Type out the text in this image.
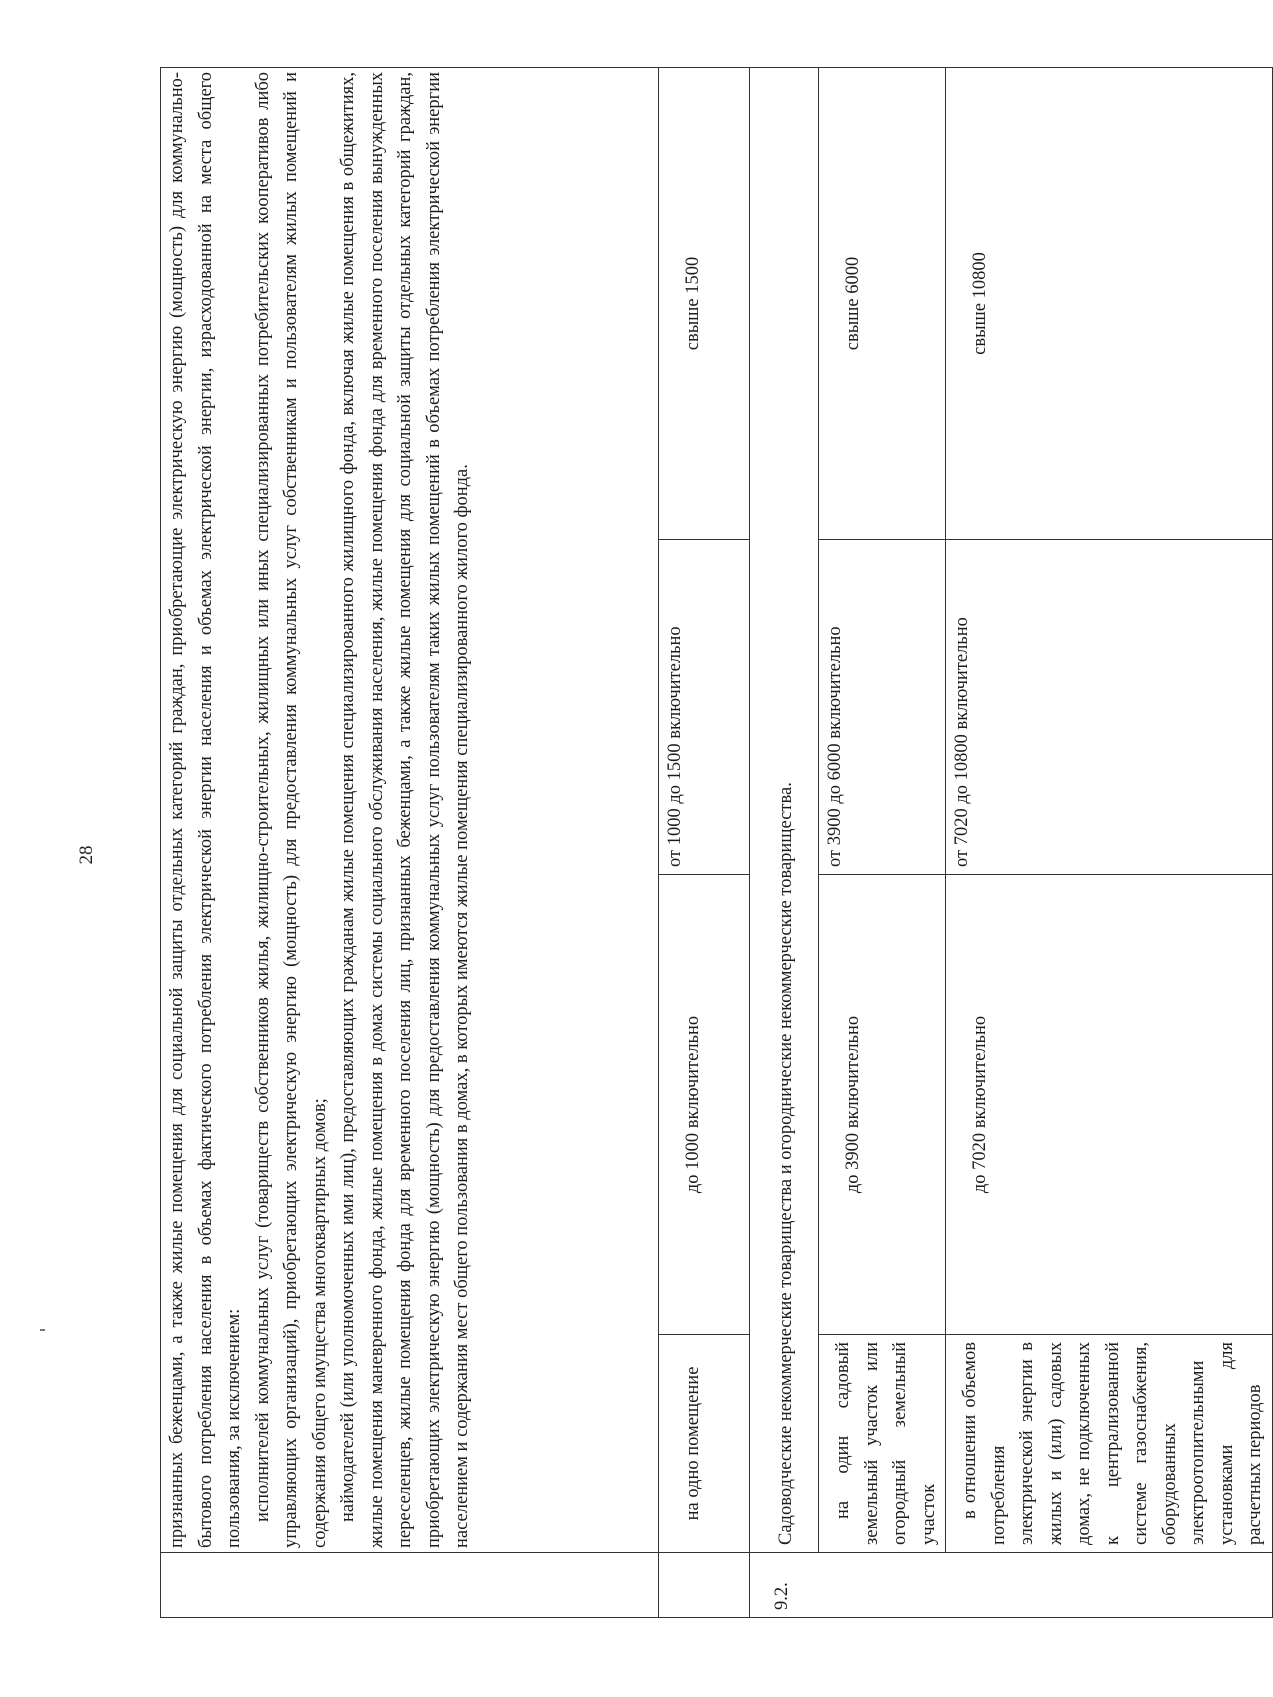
28

	признанных беженцами, а также жилые помещения для социальной защиты отдельных категорий граждан, приобретающие электрическую энергию (мощность) для коммунально-бытового потребления населения в объемах фактического потребления электрической энергии населения и объемах электрической энергии, израсходованной на места общего пользования, за исключением: исполнителей коммунальных услуг (товариществ собственников жилья, жилищно-строительных, жилищных или иных специализированных потребительских кооперативов либо управляющих организаций), приобретающих электрическую энергию (мощность) для предоставления коммунальных услуг собственникам и пользователям жилых помещений и содержания общего имущества многоквартирных домов; наймодателей (или уполномоченных ими лиц), предоставляющих гражданам жилые помещения специализированного жилищного фонда, включая жилые помещения в общежитиях, жилые помещения маневренного фонда, жилые помещения в домах системы социального обслуживания населения, жилые помещения фонда для временного поселения вынужденных переселенцев, жилые помещения фонда для временного поселения лиц, признанных беженцами, а также жилые помещения для социальной защиты отдельных категорий граждан, приобретающих электрическую энергию (мощность) для предоставления коммунальных услуг пользователям таких жилых помещений в объемах потребления электрической энергии населением и содержания мест общего пользования в домах, в которых имеются жилые помещения специализированного жилого фонда.			

	на одно помещение	до 1000 включительно	от 1000 до 1500 включительно	свыше 1500
9.2.	Садоводческие некоммерческие товарищества и огороднические некоммерческие товарищества.			
	на один садовый земельный участок или огородный земельный участок	до 3900 включительно	от 3900 до 6000 включительно	свыше 6000
	в отношении объемов потребления электрической энергии в жилых и (или) садовых домах, не подключенных к централизованной системе газоснабжения, оборудованных электроотопительными установками для расчетных периодов	до 7020 включительно	от 7020 до 10800 включительно	свыше 10800
